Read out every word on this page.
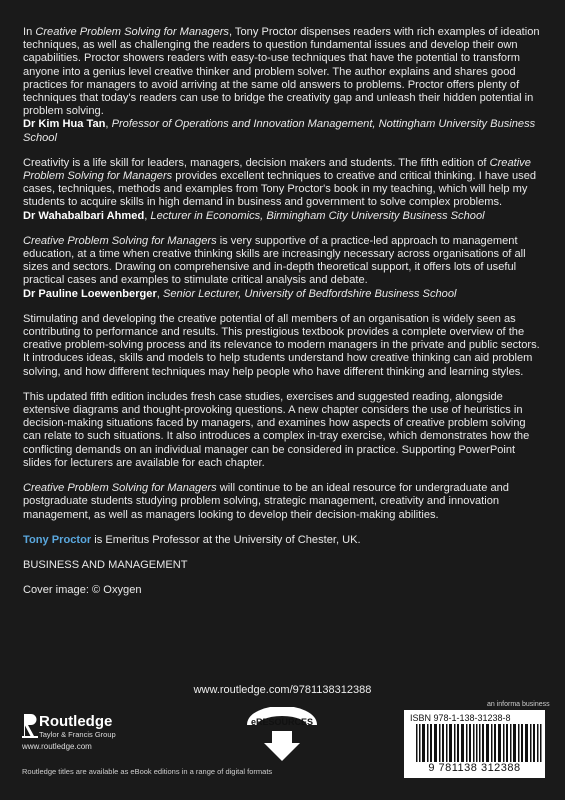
In Creative Problem Solving for Managers, Tony Proctor dispenses readers with rich examples of ideation techniques, as well as challenging the readers to question fundamental issues and develop their own capabilities. Proctor showers readers with easy-to-use techniques that have the potential to transform anyone into a genius level creative thinker and problem solver. The author explains and shares good practices for managers to avoid arriving at the same old answers to problems. Proctor offers plenty of techniques that today's readers can use to bridge the creativity gap and unleash their hidden potential in problem solving.
Dr Kim Hua Tan, Professor of Operations and Innovation Management, Nottingham University Business School

Creativity is a life skill for leaders, managers, decision makers and students. The fifth edition of Creative Problem Solving for Managers provides excellent techniques to creative and critical thinking. I have used cases, techniques, methods and examples from Tony Proctor's book in my teaching, which will help my students to acquire skills in high demand in business and government to solve complex problems.
Dr Wahabalbari Ahmed, Lecturer in Economics, Birmingham City University Business School

Creative Problem Solving for Managers is very supportive of a practice-led approach to management education, at a time when creative thinking skills are increasingly necessary across organisations of all sizes and sectors. Drawing on comprehensive and in-depth theoretical support, it offers lots of useful practical cases and examples to stimulate critical analysis and debate.
Dr Pauline Loewenberger, Senior Lecturer, University of Bedfordshire Business School

Stimulating and developing the creative potential of all members of an organisation is widely seen as contributing to performance and results. This prestigious textbook provides a complete overview of the creative problem-solving process and its relevance to modern managers in the private and public sectors. It introduces ideas, skills and models to help students understand how creative thinking can aid problem solving, and how different techniques may help people who have different thinking and learning styles.

This updated fifth edition includes fresh case studies, exercises and suggested reading, alongside extensive diagrams and thought-provoking questions. A new chapter considers the use of heuristics in decision-making situations faced by managers, and examines how aspects of creative problem solving can relate to such situations. It also introduces a complex in-tray exercise, which demonstrates how the conflicting demands on an individual manager can be considered in practice. Supporting PowerPoint slides for lecturers are available for each chapter.

Creative Problem Solving for Managers will continue to be an ideal resource for undergraduate and postgraduate students studying problem solving, strategic management, creativity and innovation management, as well as managers looking to develop their decision-making abilities.

Tony Proctor is Emeritus Professor at the University of Chester, UK.

BUSINESS AND MANAGEMENT

Cover image: © Oxygen

www.routledge.com/9781138312388
Routledge
Taylor & Francis Group
www.routledge.com
eRESOURCES
an informa business
ISBN 978-1-138-31238-8
9 781138 312388
Routledge titles are available as eBook editions in a range of digital formats
